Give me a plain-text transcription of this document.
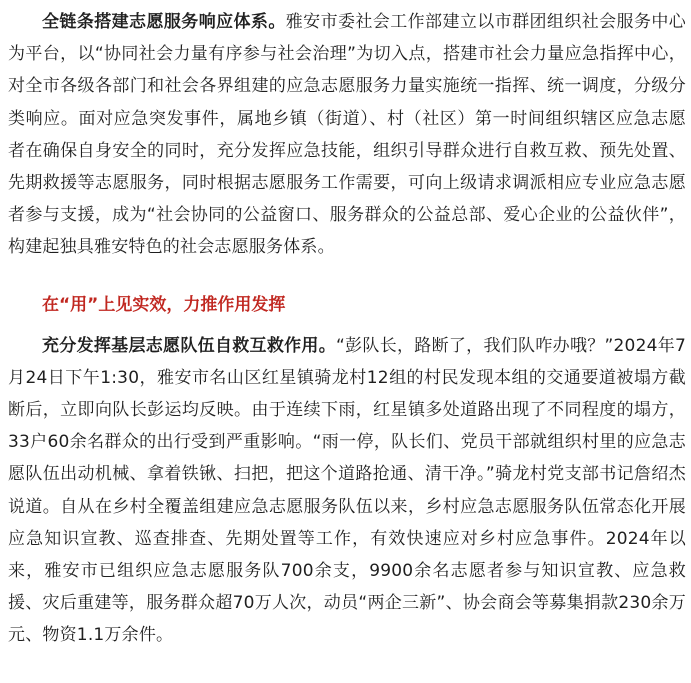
全链条搭建志愿服务响应体系。雅安市委社会工作部建立以市群团组织社会服务中心为平台，以“协同社会力量有序参与社会治理”为切入点，搭建市社会力量应急指挥中心，对全市各级各部门和社会各界组建的应急志愿服务力量实施统一指挥、统一调度，分级分类响应。面对应急突发事件，属地乡镇（街道）、村（社区）第一时间组织辖区应急志愿者在确保自身安全的同时，充分发挥应急技能，组织引导群众进行自救互救、预先处置、先期救援等志愿服务，同时根据志愿服务工作需要，可向上级请求调派相应专业应急志愿者参与支援，成为“社会协同的公益窗口、服务群众的公益总部、爱心企业的公益伙伴”，构建起独具雅安特色的社会志愿服务体系。

在“用”上见实效，力推作用发挥

充分发挥基层志愿队伍自救互救作用。“彭队长，路断了，我们队咋办哦？”2024年7月24日下午1:30，雅安市名山区红星镇骑龙村12组的村民发现本组的交通要道被塌方截断后，立即向队长彭运均反映。由于连续下雨，红星镇多处道路出现了不同程度的塌方，33户60余名群众的出行受到严重影响。“雨一停，队长们、党员干部就组织村里的应急志愿队伍出动机械、拿着铁锹、扫把，把这个道路抢通、清干净。”骑龙村党支部书记詹绍杰说道。自从在乡村全覆盖组建应急志愿服务队伍以来，乡村应急志愿服务队伍常态化开展应急知识宣教、巡查排查、先期处置等工作，有效快速应对乡村应急事件。2024年以来，雅安市已组织应急志愿服务队700余支，9900余名志愿者参与知识宣教、应急救援、灾后重建等，服务群众超70万人次，动员“两企三新”、协会商会等募集捐款230余万元、物资1.1万余件。
